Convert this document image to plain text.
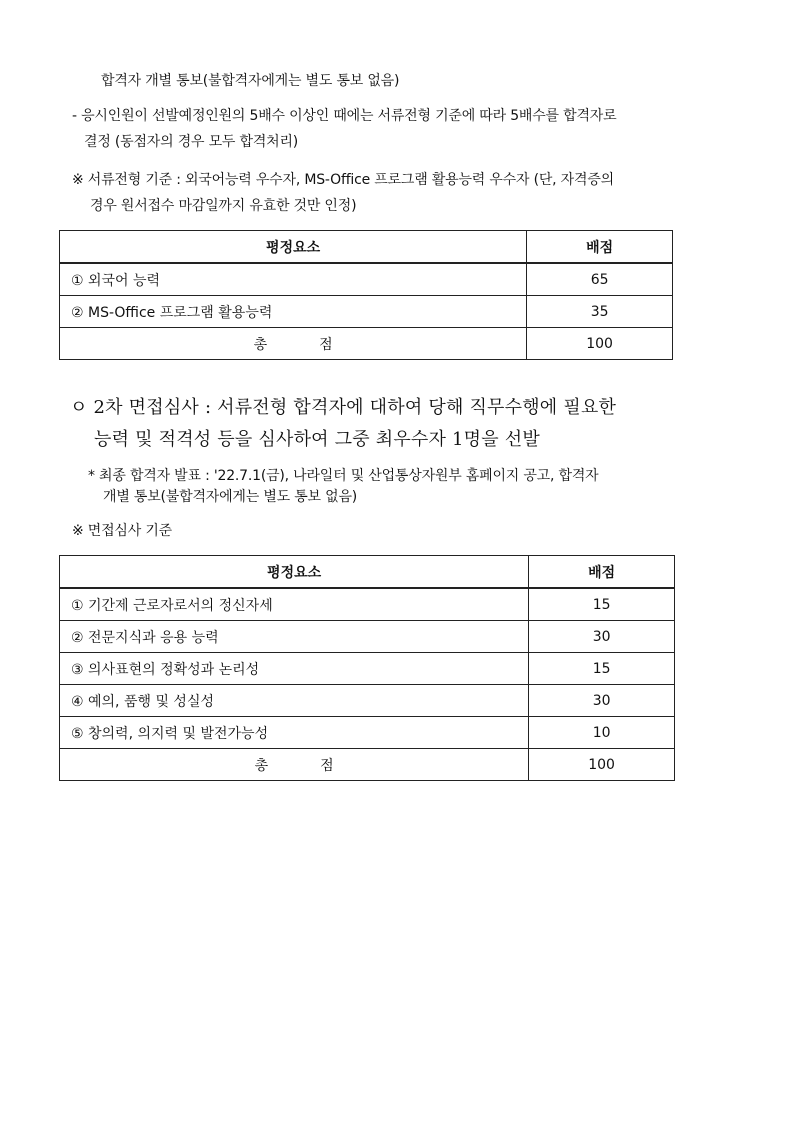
합격자 개별 통보(불합격자에게는 별도 통보 없음)
- 응시인원이 선발예정인원의 5배수 이상인 때에는 서류전형 기준에 따라 5배수를 합격자로
결정 (동점자의 경우 모두 합격처리)
※ 서류전형 기준 : 외국어능력 우수자, MS-Office 프로그램 활용능력 우수자 (단, 자격증의
경우 원서접수 마감일까지 유효한 것만 인정)
평정요소	배점
① 외국어 능력	65
② MS-Office 프로그램 활용능력	35
총 점	100
ㅇ 2차 면접심사 : 서류전형 합격자에 대하여 당해 직무수행에 필요한
능력 및 적격성 등을 심사하여 그중 최우수자 1명을 선발
* 최종 합격자 발표 : '22.7.1(금), 나라일터 및 산업통상자원부 홈페이지 공고, 합격자
개별 통보(불합격자에게는 별도 통보 없음)
※ 면접심사 기준
평정요소	배점
① 기간제 근로자로서의 정신자세	15
② 전문지식과 응용 능력	30
③ 의사표현의 정확성과 논리성	15
④ 예의, 품행 및 성실성	30
⑤ 창의력, 의지력 및 발전가능성	10
총 점	100
